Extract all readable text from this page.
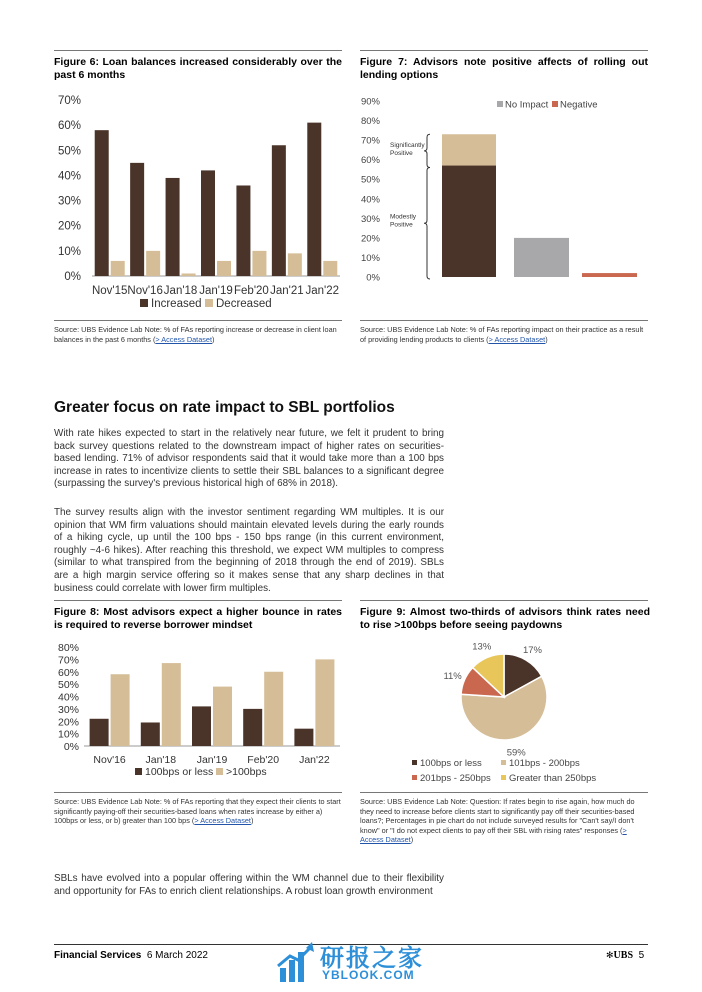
Figure 6: Loan balances increased considerably over the past 6 months
0%
10%
20%
30%
40%
50%
60%
70%
Nov'15 Nov'16 Jan'18 Jan'19 Feb'20 Jan'21 Jan'22
Increased Decreased
Source: UBS Evidence Lab Note: % of FAs reporting increase or decrease in client loan balances in the past 6 months (> Access Dataset)
Figure 7: Advisors note positive affects of rolling out lending options
0%
10%
20%
30%
40%
50%
60%
70%
80%
90%
Significantly
Positive
Modestly
Positive
No Impact Negative
Source: UBS Evidence Lab Note: % of FAs reporting impact on their practice as a result of providing lending products to clients (> Access Dataset)
Greater focus on rate impact to SBL portfolios
With rate hikes expected to start in the relatively near future, we felt it prudent to bring back survey questions related to the downstream impact of higher rates on securities-based lending. 71% of advisor respondents said that it would take more than a 100 bps increase in rates to incentivize clients to settle their SBL balances to a significant degree (surpassing the survey's previous historical high of 68% in 2018).
The survey results align with the investor sentiment regarding WM multiples. It is our opinion that WM firm valuations should maintain elevated levels during the early rounds of a hiking cycle, up until the 100 bps - 150 bps range (in this current environment, roughly ~4-6 hikes). After reaching this threshold, we expect WM multiples to compress (similar to what transpired from the beginning of 2018 through the end of 2019). SBLs are a high margin service offering so it makes sense that any sharp declines in that business could correlate with lower firm multiples.
Figure 8: Most advisors expect a higher bounce in rates is required to reverse borrower mindset
0%
10%
20%
30%
40%
50%
60%
70%
80%
Nov'16 Jan'18 Jan'19 Feb'20 Jan'22
100bps or less >100bps
Source: UBS Evidence Lab Note: % of FAs reporting that they expect their clients to start significantly paying-off their securities-based loans when rates increase by either a) 100bps or less, or b) greater than 100 bps (> Access Dataset)
Figure 9: Almost two-thirds of advisors think rates need to rise >100bps before seeing paydowns
17%
59%
11%
13%
100bps or less	101bps - 200bps
201bps - 250bps Greater than 250bps
Source: UBS Evidence Lab Note: Question: If rates begin to rise again, how much do they need to increase before clients start to significantly pay off their securities-based loans?; Percentages in pie chart do not include surveyed results for "Can't say/I don't know" or "I do not expect clients to pay off their SBL with rising rates" responses (> Access Dataset)
SBLs have evolved into a popular offering within the WM channel due to their flexibility and opportunity for FAs to enrich client relationships. A robust loan growth environment
Financial Services 6 March 2022	✻UBS 5
研报之家
YBLOOK.COM
